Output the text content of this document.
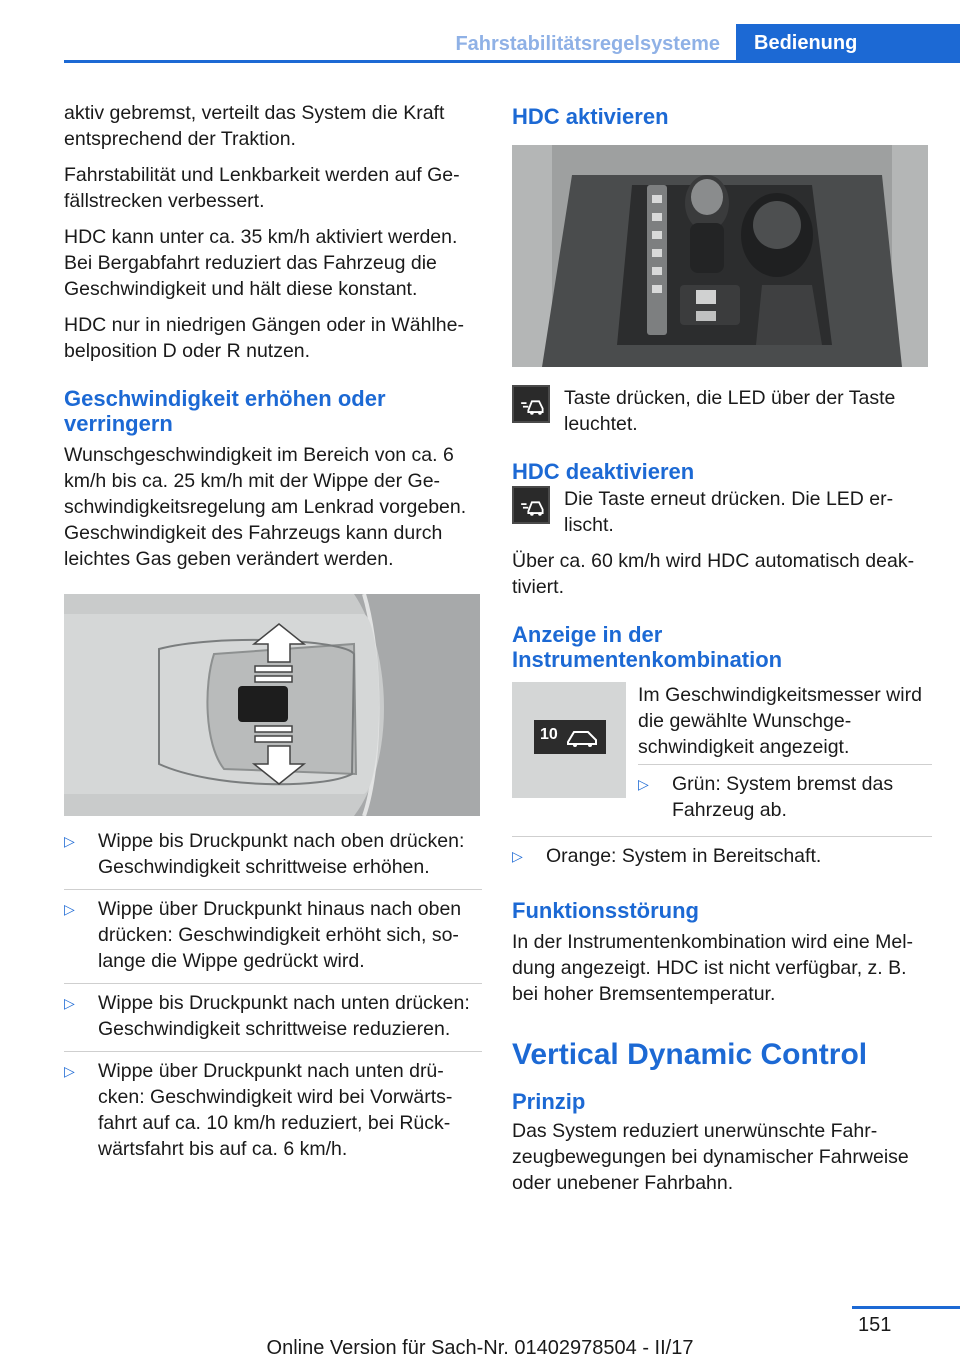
Fahrstabilitätsregelsysteme	Bedienung

aktiv gebremst, verteilt das System die Kraft entsprechend der Traktion.

Fahrstabilität und Lenkbarkeit werden auf Ge-fällstrecken verbessert.

HDC kann unter ca. 35 km/h aktiviert werden. Bei Bergabfahrt reduziert das Fahrzeug die Geschwindigkeit und hält diese konstant.

HDC nur in niedrigen Gängen oder in Wählhe-belposition D oder R nutzen.

Geschwindigkeit erhöhen oder verringern

Wunschgeschwindigkeit im Bereich von ca. 6 km/h bis ca. 25 km/h mit der Wippe der Ge-schwindigkeitsregelung am Lenkrad vorgeben. Geschwindigkeit des Fahrzeugs kann durch leichtes Gas geben verändert werden.

▷	Wippe bis Druckpunkt nach oben drücken: Geschwindigkeit schrittweise erhöhen.
▷	Wippe über Druckpunkt hinaus nach oben drücken: Geschwindigkeit erhöht sich, so-lange die Wippe gedrückt wird.
▷	Wippe bis Druckpunkt nach unten drücken: Geschwindigkeit schrittweise reduzieren.
▷	Wippe über Druckpunkt nach unten drü-cken: Geschwindigkeit wird bei Vorwärts-fahrt auf ca. 10 km/h reduziert, bei Rück-wärtsfahrt bis auf ca. 6 km/h.
HDC aktivieren
Taste drücken, die LED über der Taste leuchtet.
HDC deaktivieren
Die Taste erneut drücken. Die LED er-lischt.

Über ca. 60 km/h wird HDC automatisch deak-tiviert.

Anzeige in der Instrumentenkombination
10

Im Geschwindigkeitsmesser wird die gewählte Wunschge-schwindigkeit angezeigt.

▷	Grün: System bremst das Fahrzeug ab.
▷	Orange: System in Bereitschaft.
Funktionsstörung

In der Instrumentenkombination wird eine Mel-dung angezeigt. HDC ist nicht verfügbar, z. B. bei hoher Bremsentemperatur.

Vertical Dynamic Control
Prinzip

Das System reduziert unerwünschte Fahr-zeugbewegungen bei dynamischer Fahrweise oder unebener Fahrbahn.

151
Online Version für Sach-Nr. 01402978504 - II/17
